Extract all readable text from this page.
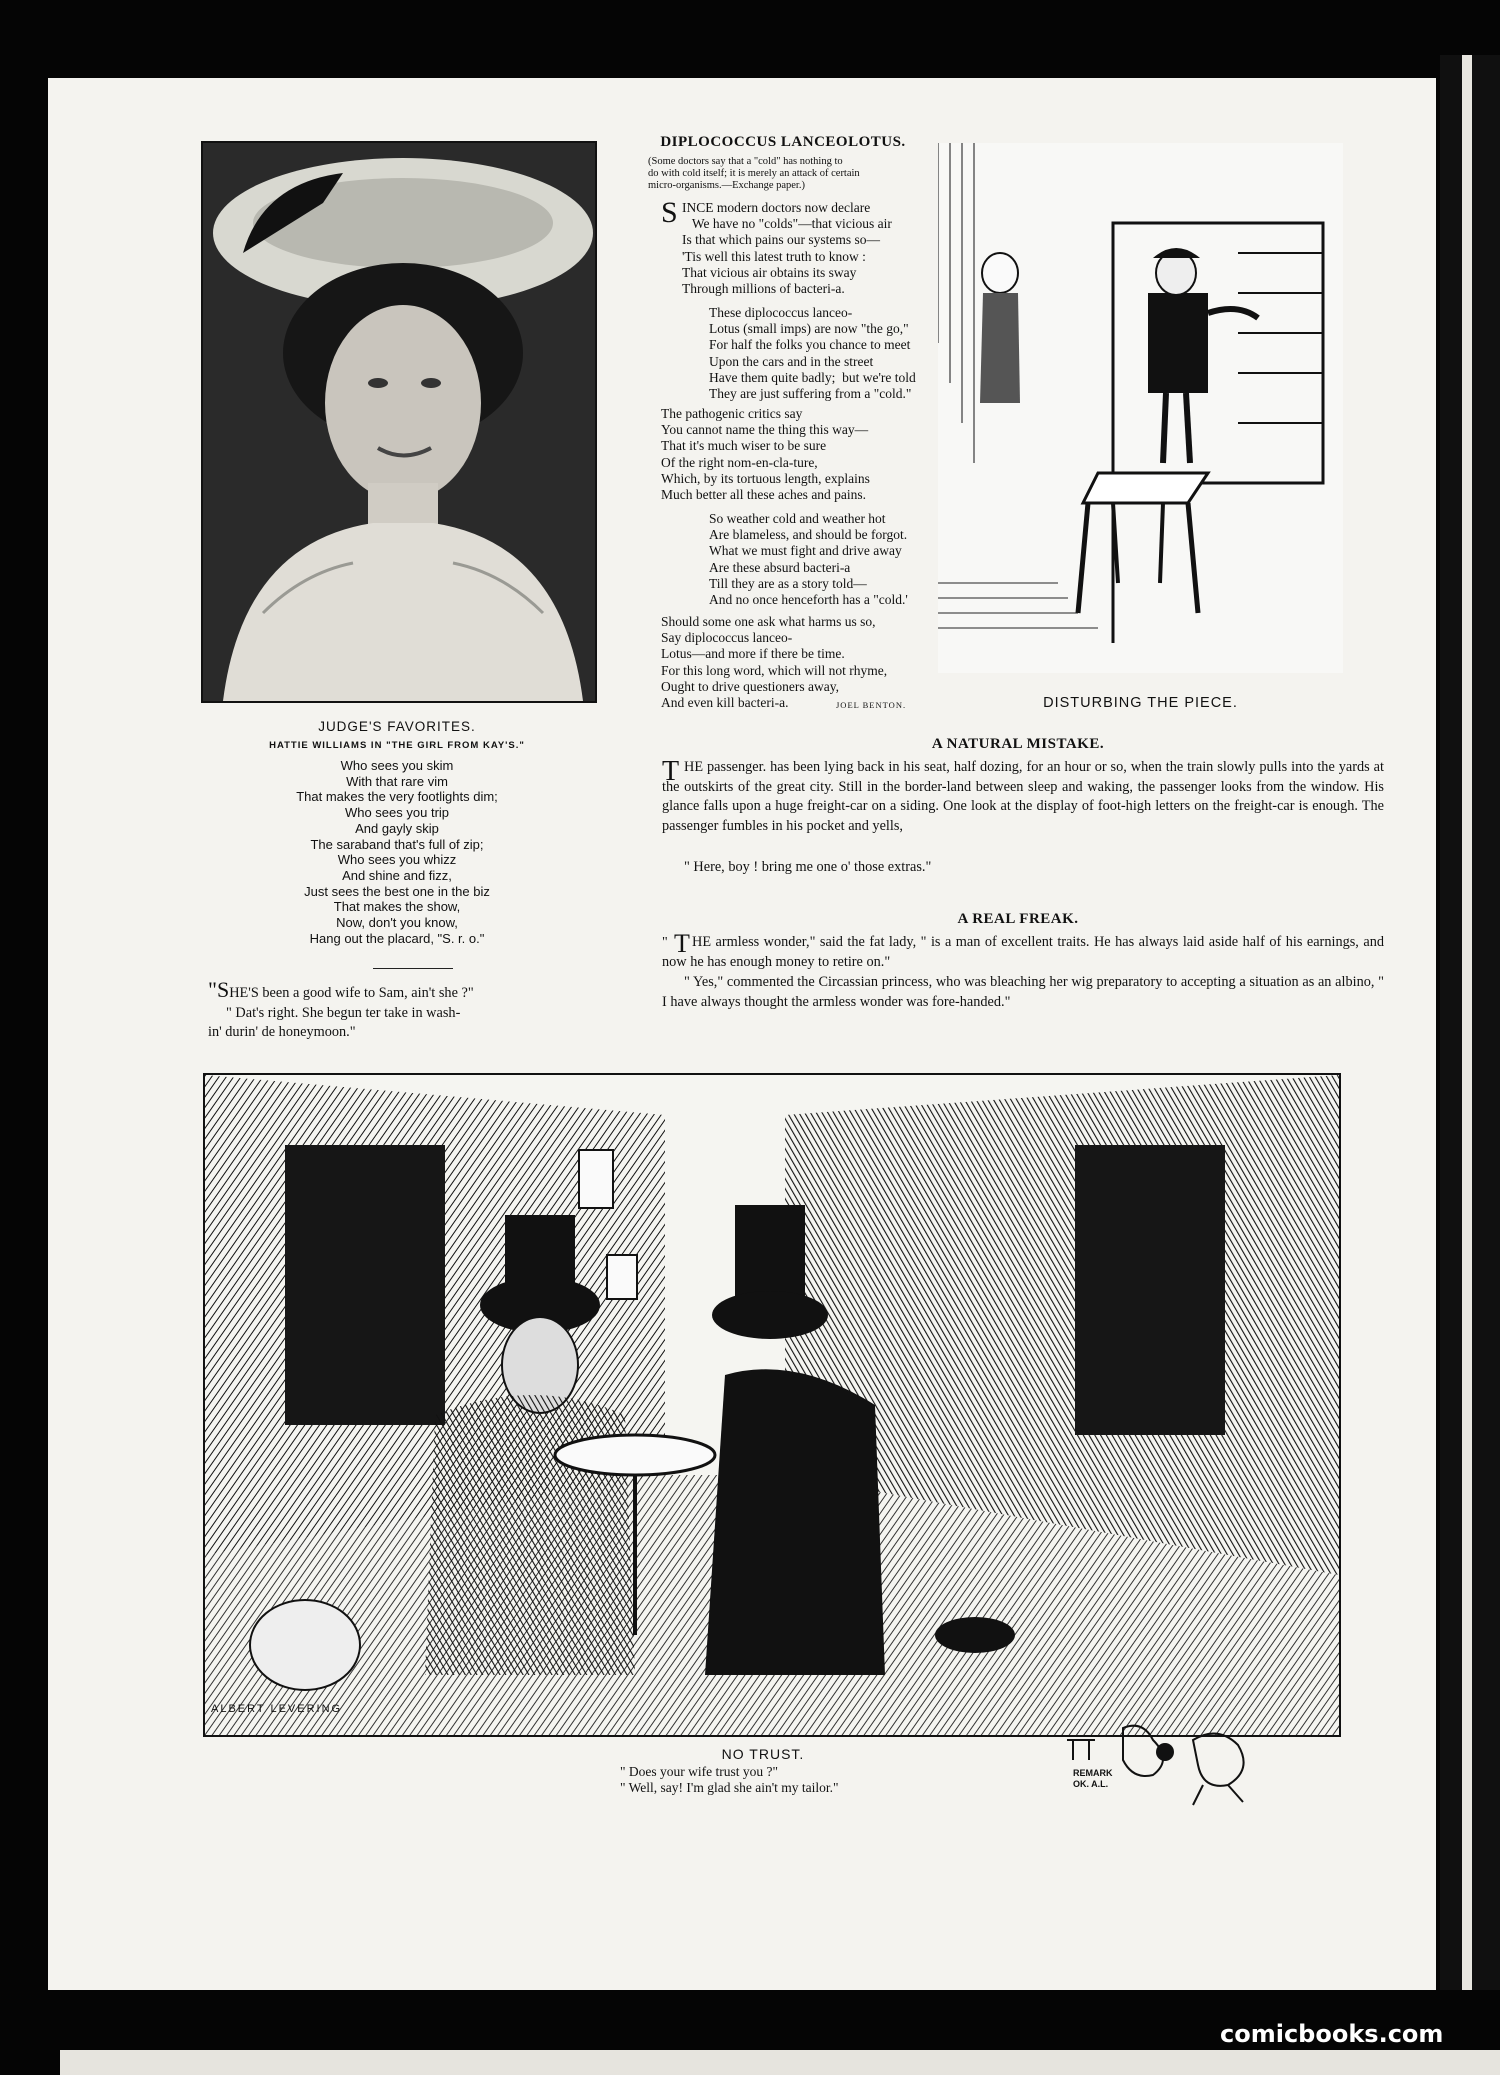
JUDGE'S FAVORITES.
HATTIE WILLIAMS IN "THE GIRL FROM KAY'S."
Who sees you skim
With that rare vim
That makes the very footlights dim;
Who sees you trip
And gayly skip
The saraband that's full of zip;
Who sees you whizz
And shine and fizz,
Just sees the best one in the biz
That makes the show,
Now, don't you know,
Hang out the placard, "S. r. o."
"SHE'S been a good wife to Sam, ain't she ?"
" Dat's right. She begun ter take in wash-
in' durin' de honeymoon."
DIPLOCOCCUS LANCEOLOTUS.
(Some doctors say that a "cold" has nothing to
do with cold itself; it is merely an attack of certain
micro-organisms.—Exchange paper.)
S INCE modern doctors now declare
We have no "colds"—that vicious air
Is that which pains our systems so—
'Tis well this latest truth to know :
That vicious air obtains its sway
Through millions of bacteri-a.
These diplococcus lanceo-
Lotus (small imps) are now "the go,"
For half the folks you chance to meet
Upon the cars and in the street
Have them quite badly;  but we're told
They are just suffering from a "cold."
The pathogenic critics say
You cannot name the thing this way—
That it's much wiser to be sure
Of the right nom-en-cla-ture,
Which, by its tortuous length, explains
Much better all these aches and pains.
So weather cold and weather hot
Are blameless, and should be forgot.
What we must fight and drive away
Are these absurd bacteri-a
Till they are as a story told—
And no once henceforth has a "cold.'
Should some one ask what harms us so,
Say diplococcus lanceo-
Lotus—and more if there be time.
For this long word, which will not rhyme,
Ought to drive questioners away,
And even kill bacteri-a.	JOEL BENTON.	DISTURBING THE PIECE.
A NATURAL MISTAKE.
T HE passenger. has been lying back in his seat, half dozing, for an hour or so, when the train slowly pulls into the yards at the outskirts of the great city. Still in the border-land between sleep and waking, the passenger looks from the window. His glance falls upon a huge freight-car on a siding. One look at the display of foot-high letters on the freight-car is enough. The passenger fumbles in his pocket and yells,
" Here, boy ! bring me one o' those extras."
A REAL FREAK.
" T HE armless wonder," said the fat lady, " is a man of excellent traits. He has always laid aside half of his earnings, and now he has enough money to retire on."
" Yes," commented the Circassian princess, who was bleaching her wig preparatory to accepting a situation as an albino, " I have always thought the armless wonder was fore-handed."
ALBERT LEVERING
NO TRUST.
" Does your wife trust you ?"
" Well, say! I'm glad she ain't my tailor."
REMARK
OK. A.L.
comicbooks.com
